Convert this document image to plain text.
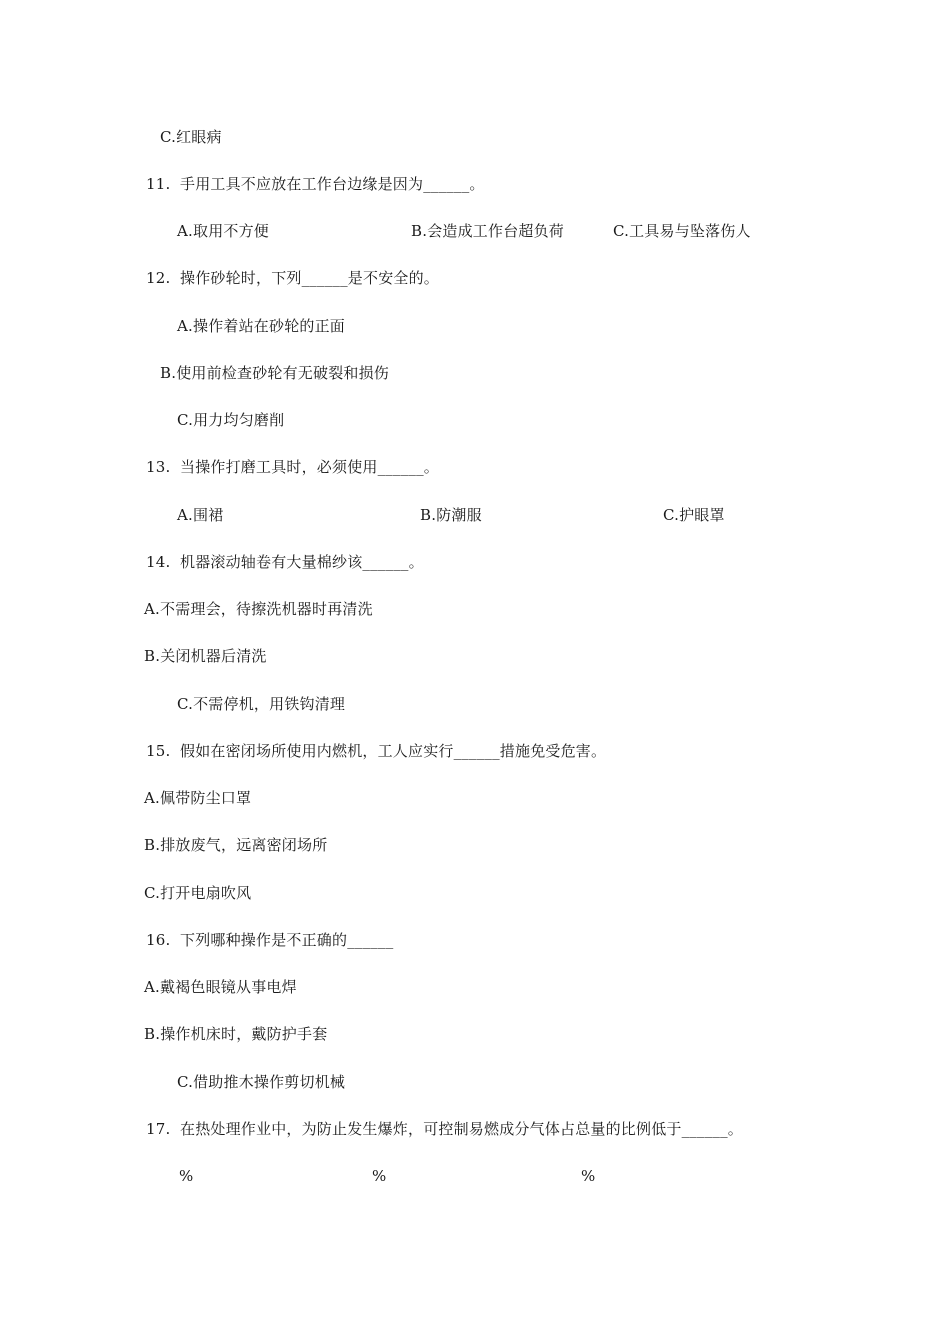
C.红眼病
11. 手用工具不应放在工作台边缘是因为______。
A.取用不方便	B.会造成工作台超负荷	C.工具易与坠落伤人
12. 操作砂轮时，下列______是不安全的。
A.操作着站在砂轮的正面
B.使用前检查砂轮有无破裂和损伤
C.用力均匀磨削
13. 当操作打磨工具时，必须使用______。
A.围裙	B.防潮服	C.护眼罩
14. 机器滚动轴卷有大量棉纱该______。
A.不需理会，待擦洗机器时再清洗
B.关闭机器后清洗
C.不需停机，用铁钩清理
15. 假如在密闭场所使用内燃机，工人应实行______措施免受危害。
A.佩带防尘口罩
B.排放废气，远离密闭场所
C.打开电扇吹风
16. 下列哪种操作是不正确的______
A.戴褐色眼镜从事电焊
B.操作机床时，戴防护手套
C.借助推木操作剪切机械
17. 在热处理作业中，为防止发生爆炸，可控制易燃成分气体占总量的比例低于______。
%	%	%
